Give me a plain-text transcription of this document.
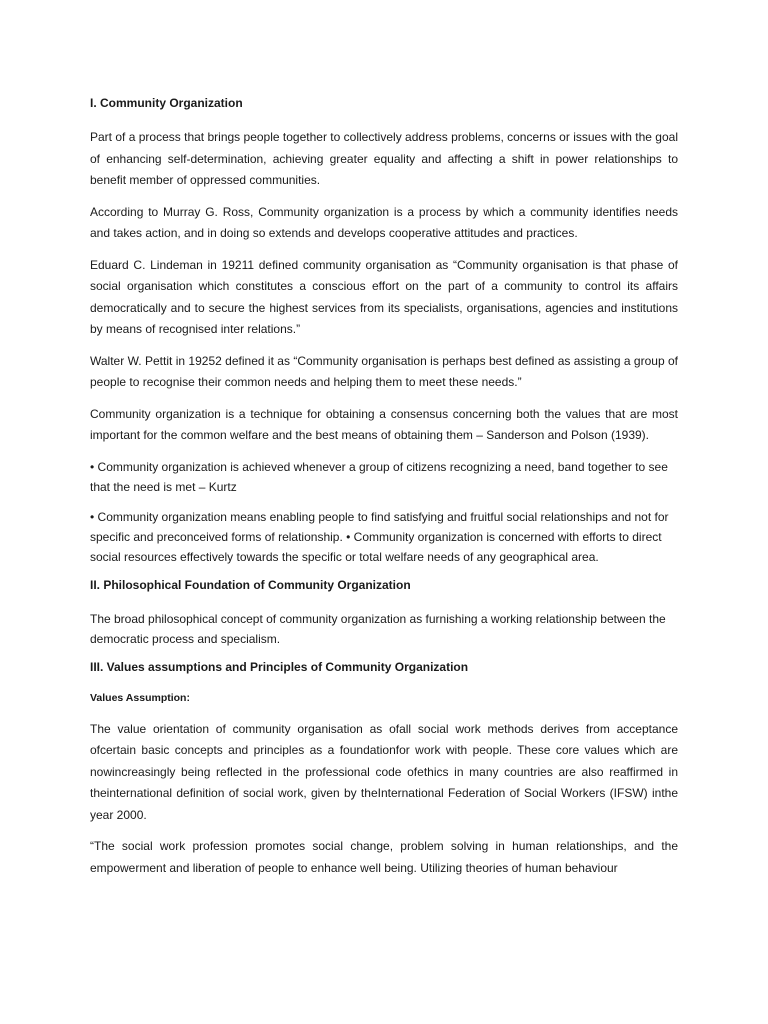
I. Community Organization

Part of a process that brings people together to collectively address problems, concerns or issues with the goal of enhancing self-determination, achieving greater equality and affecting a shift in power relationships to benefit member of oppressed communities.

According to Murray G. Ross, Community organization is a process by which a community identifies needs and takes action, and in doing so extends and develops cooperative attitudes and practices.

Eduard C. Lindeman in 19211 defined community organisation as “Community organisation is that phase of social organisation which constitutes a conscious effort on the part of a community to control its affairs democratically and to secure the highest services from its specialists, organisations, agencies and institutions by means of recognised inter relations.”

Walter W. Pettit in 19252 defined it as “Community organisation is perhaps best defined as assisting a group of people to recognise their common needs and helping them to meet these needs.”

Community organization is a technique for obtaining a consensus concerning both the values that are most important for the common welfare and the best means of obtaining them – Sanderson and Polson (1939).

• Community organization is achieved whenever a group of citizens recognizing a need, band together to see that the need is met – Kurtz

• Community organization means enabling people to find satisfying and fruitful social relationships and not for specific and preconceived forms of relationship. • Community organization is concerned with efforts to direct social resources effectively towards the specific or total welfare needs of any geographical area.

II. Philosophical Foundation of Community Organization

The broad philosophical concept of community organization as furnishing a working relationship between the democratic process and specialism.

III. Values assumptions and Principles of Community Organization
Values Assumption:

The value orientation of community organisation as ofall social work methods derives from acceptance ofcertain basic concepts and principles as a foundationfor work with people. These core values which are nowincreasingly being reflected in the professional code ofethics in many countries are also reaffirmed in theinternational definition of social work, given by theInternational Federation of Social Workers (IFSW) inthe year 2000.

“The social work profession promotes social change, problem solving in human relationships, and the empowerment and liberation of people to enhance well being. Utilizing theories of human behaviour
